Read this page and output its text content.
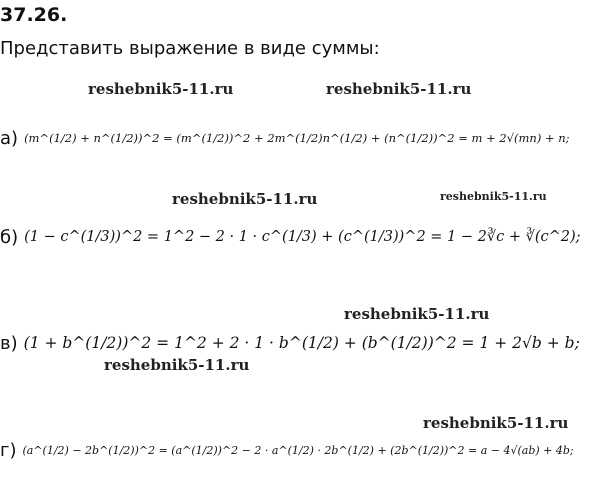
37.26.
Представить выражение в виде суммы:
reshebnik5-11.ru	reshebnik5-11.ru
reshebnik5-11.ru	reshebnik5-11.ru
reshebnik5-11.ru
reshebnik5-11.ru
reshebnik5-11.ru
а) (m^(1/2) + n^(1/2))^2 = (m^(1/2))^2 + 2m^(1/2)n^(1/2) + (n^(1/2))^2 = m + 2√(mn) + n;
б) (1 − c^(1/3))^2 = 1^2 − 2 · 1 · c^(1/3) + (c^(1/3))^2 = 1 − 2∛c + ∛(c^2);
в) (1 + b^(1/2))^2 = 1^2 + 2 · 1 · b^(1/2) + (b^(1/2))^2 = 1 + 2√b + b;
г) (a^(1/2) − 2b^(1/2))^2 = (a^(1/2))^2 − 2 · a^(1/2) · 2b^(1/2) + (2b^(1/2))^2 = a − 4√(ab) + 4b;
